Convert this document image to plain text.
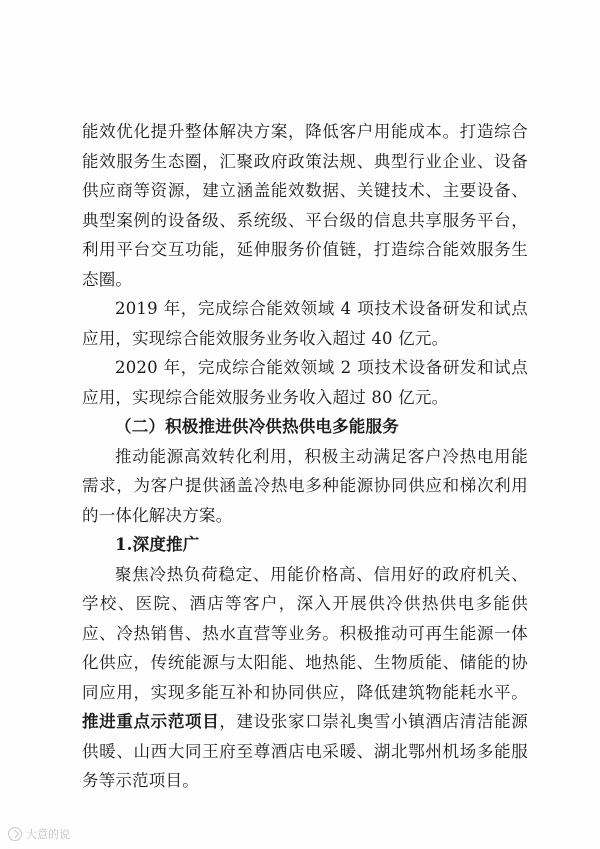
能效优化提升整体解决方案，降低客户用能成本。打造综合能效服务生态圈，汇聚政府政策法规、典型行业企业、设备供应商等资源，建立涵盖能效数据、关键技术、主要设备、典型案例的设备级、系统级、平台级的信息共享服务平台，利用平台交互功能，延伸服务价值链，打造综合能效服务生态圈。

2019 年，完成综合能效领域 4 项技术设备研发和试点应用，实现综合能效服务业务收入超过 40 亿元。

2020 年，完成综合能效领域 2 项技术设备研发和试点应用，实现综合能效服务业务收入超过 80 亿元。

（二）积极推进供冷供热供电多能服务

推动能源高效转化利用，积极主动满足客户冷热电用能需求，为客户提供涵盖冷热电多种能源协同供应和梯次利用的一体化解决方案。

1.深度推广

聚焦冷热负荷稳定、用能价格高、信用好的政府机关、学校、医院、酒店等客户，深入开展供冷供热供电多能供应、冷热销售、热水直营等业务。积极推动可再生能源一体化供应，传统能源与太阳能、地热能、生物质能、储能的协同应用，实现多能互补和协同供应，降低建筑物能耗水平。推进重点示范项目，建设张家口崇礼奥雪小镇酒店清洁能源供暖、山西大同王府至尊酒店电采暖、湖北鄂州机场多能服务等示范项目。

大意的说
